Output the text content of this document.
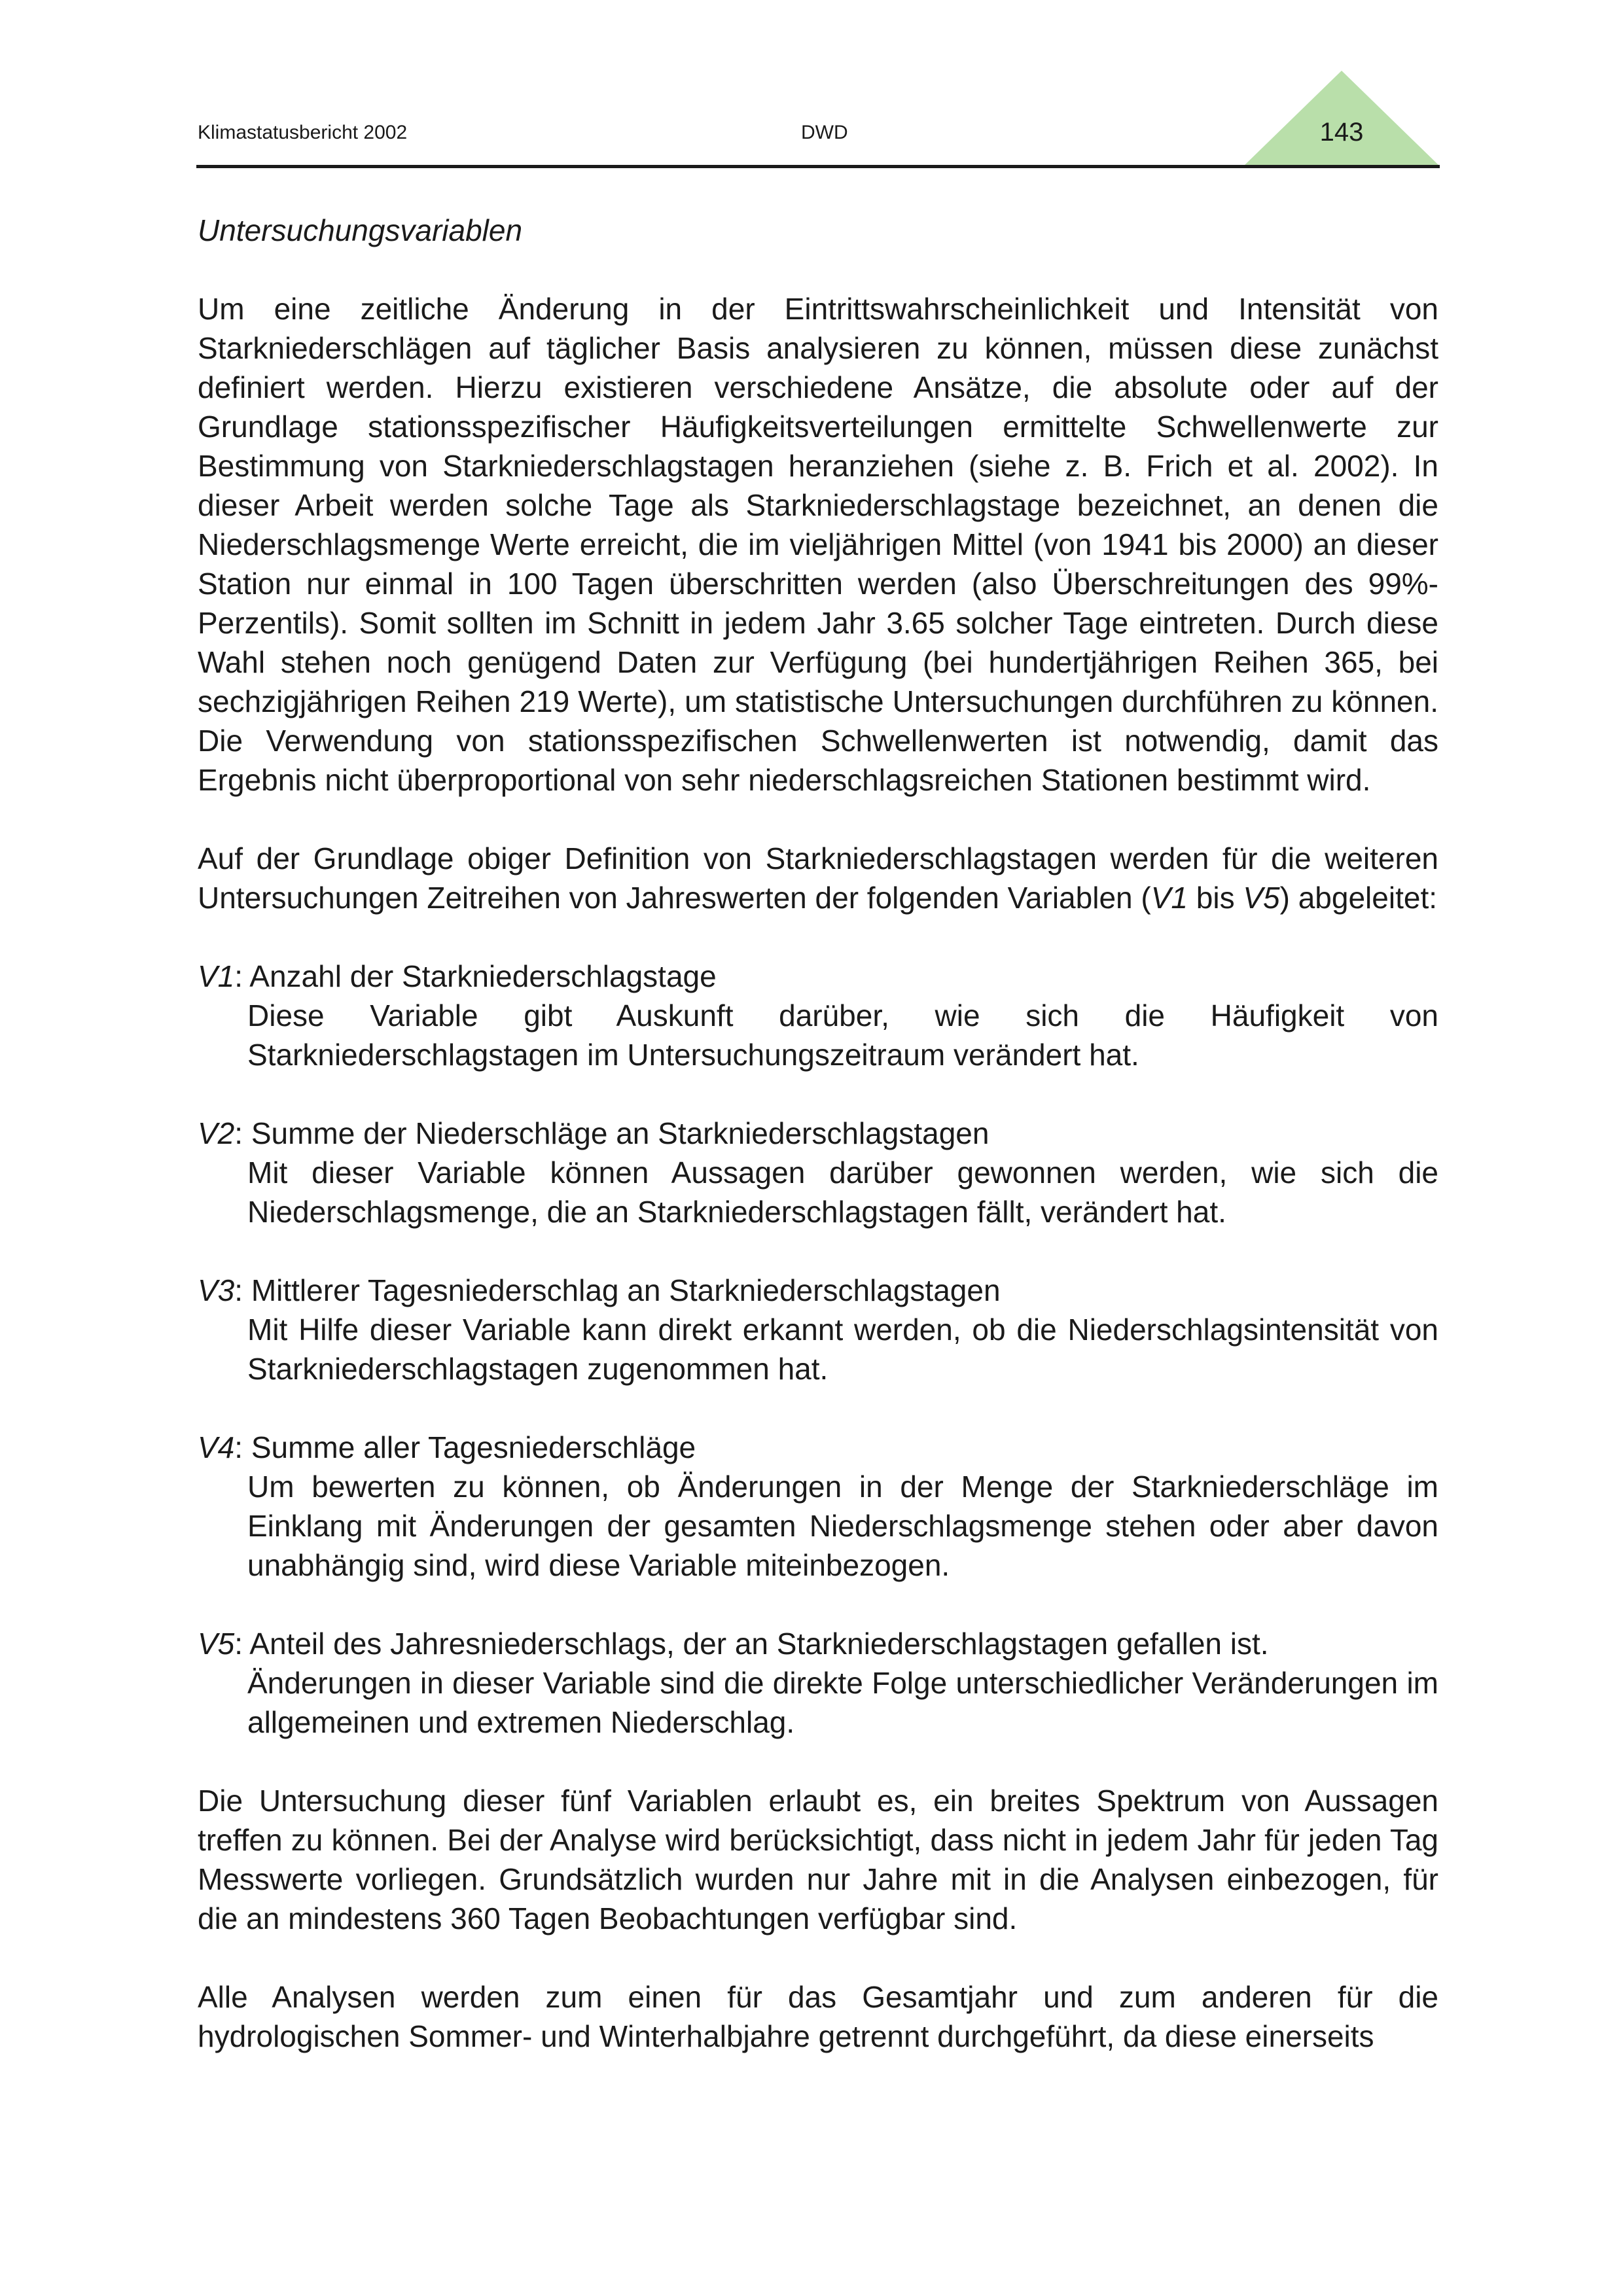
Klimastatusbericht 2002	DWD	143

Untersuchungsvariablen

Um eine zeitliche Änderung in der Eintrittswahrscheinlichkeit und Intensität von Starkniederschlägen auf täglicher Basis analysieren zu können, müssen diese zunächst definiert werden. Hierzu existieren verschiedene Ansätze, die absolute oder auf der Grundlage stationsspezifischer Häufigkeitsverteilungen ermittelte Schwellenwerte zur Bestimmung von Starkniederschlagstagen heranziehen (siehe z. B. Frich et al. 2002). In dieser Arbeit werden solche Tage als Starkniederschlagstage bezeichnet, an denen die Niederschlagsmenge Werte erreicht, die im vieljährigen Mittel (von 1941 bis 2000) an dieser Station nur einmal in 100 Tagen überschritten werden (also Überschreitungen des 99%-Perzentils). Somit sollten im Schnitt in jedem Jahr 3.65 solcher Tage eintreten. Durch diese Wahl stehen noch genügend Daten zur Verfügung (bei hundertjährigen Reihen 365, bei sechzigjährigen Reihen 219 Werte), um statistische Untersuchungen durchführen zu können. Die Verwendung von stationsspezifischen Schwellenwerten ist notwendig, damit das Ergebnis nicht überproportional von sehr niederschlagsreichen Stationen bestimmt wird.

Auf der Grundlage obiger Definition von Starkniederschlagstagen werden für die weiteren Untersuchungen Zeitreihen von Jahreswerten der folgenden Variablen (V1 bis V5) abgeleitet:

V1: Anzahl der Starkniederschlagstage
Diese Variable gibt Auskunft darüber, wie sich die Häufigkeit von Starkniederschlagstagen im Untersuchungszeitraum verändert hat.
V2: Summe der Niederschläge an Starkniederschlagstagen
Mit dieser Variable können Aussagen darüber gewonnen werden, wie sich die Niederschlagsmenge, die an Starkniederschlagstagen fällt, verändert hat.
V3: Mittlerer Tagesniederschlag an Starkniederschlagstagen
Mit Hilfe dieser Variable kann direkt erkannt werden, ob die Niederschlagsintensität von Starkniederschlagstagen zugenommen hat.
V4: Summe aller Tagesniederschläge
Um bewerten zu können, ob Änderungen in der Menge der Starkniederschläge im Einklang mit Änderungen der gesamten Niederschlagsmenge stehen oder aber davon unabhängig sind, wird diese Variable miteinbezogen.
V5: Anteil des Jahresniederschlags, der an Starkniederschlagstagen gefallen ist.
Änderungen in dieser Variable sind die direkte Folge unterschiedlicher Veränderungen im allgemeinen und extremen Niederschlag.

Die Untersuchung dieser fünf Variablen erlaubt es, ein breites Spektrum von Aussagen treffen zu können. Bei der Analyse wird berücksichtigt, dass nicht in jedem Jahr für jeden Tag Messwerte vorliegen. Grundsätzlich wurden nur Jahre mit in die Analysen einbezogen, für die an mindestens 360 Tagen Beobachtungen verfügbar sind.

Alle Analysen werden zum einen für das Gesamtjahr und zum anderen für die hydrologischen Sommer- und Winterhalbjahre getrennt durchgeführt, da diese einerseits
